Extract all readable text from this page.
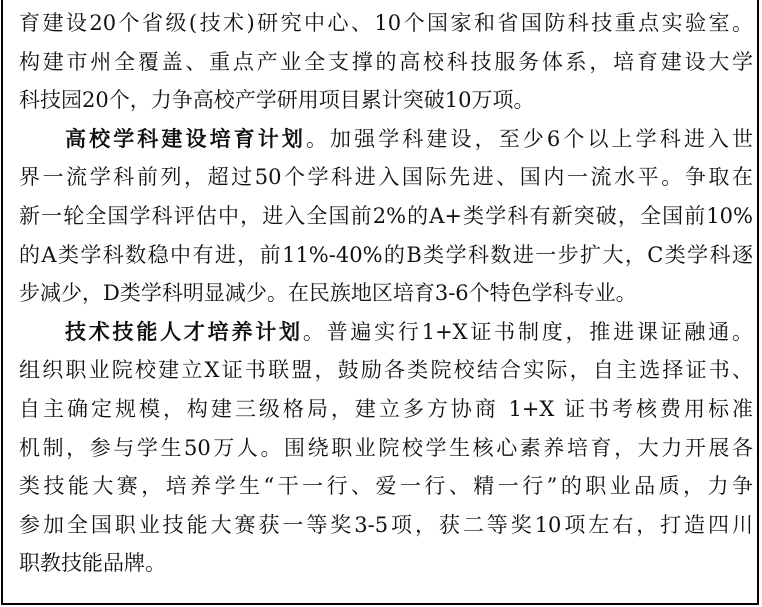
育建设20个省级(技术)研究中心、10个国家和省国防科技重点实验室。
构建市州全覆盖、重点产业全支撑的高校科技服务体系，培育建设大学
科技园20个，力争高校产学研用项目累计突破10万项。
高校学科建设培育计划。加强学科建设，至少6个以上学科进入世
界一流学科前列，超过50个学科进入国际先进、国内一流水平。争取在
新一轮全国学科评估中，进入全国前2%的A+类学科有新突破，全国前10%
的A类学科数稳中有进，前11%-40%的B类学科数进一步扩大，C类学科逐
步减少，D类学科明显减少。在民族地区培育3-6个特色学科专业。
技术技能人才培养计划。普遍实行1+X证书制度，推进课证融通。
组织职业院校建立X证书联盟，鼓励各类院校结合实际，自主选择证书、
自主确定规模，构建三级格局，建立多方协商 1+X 证书考核费用标准
机制，参与学生50万人。围绕职业院校学生核心素养培育，大力开展各
类技能大赛，培养学生“干一行、爱一行、精一行”的职业品质，力争
参加全国职业技能大赛获一等奖3-5项，获二等奖10项左右，打造四川
职教技能品牌。
